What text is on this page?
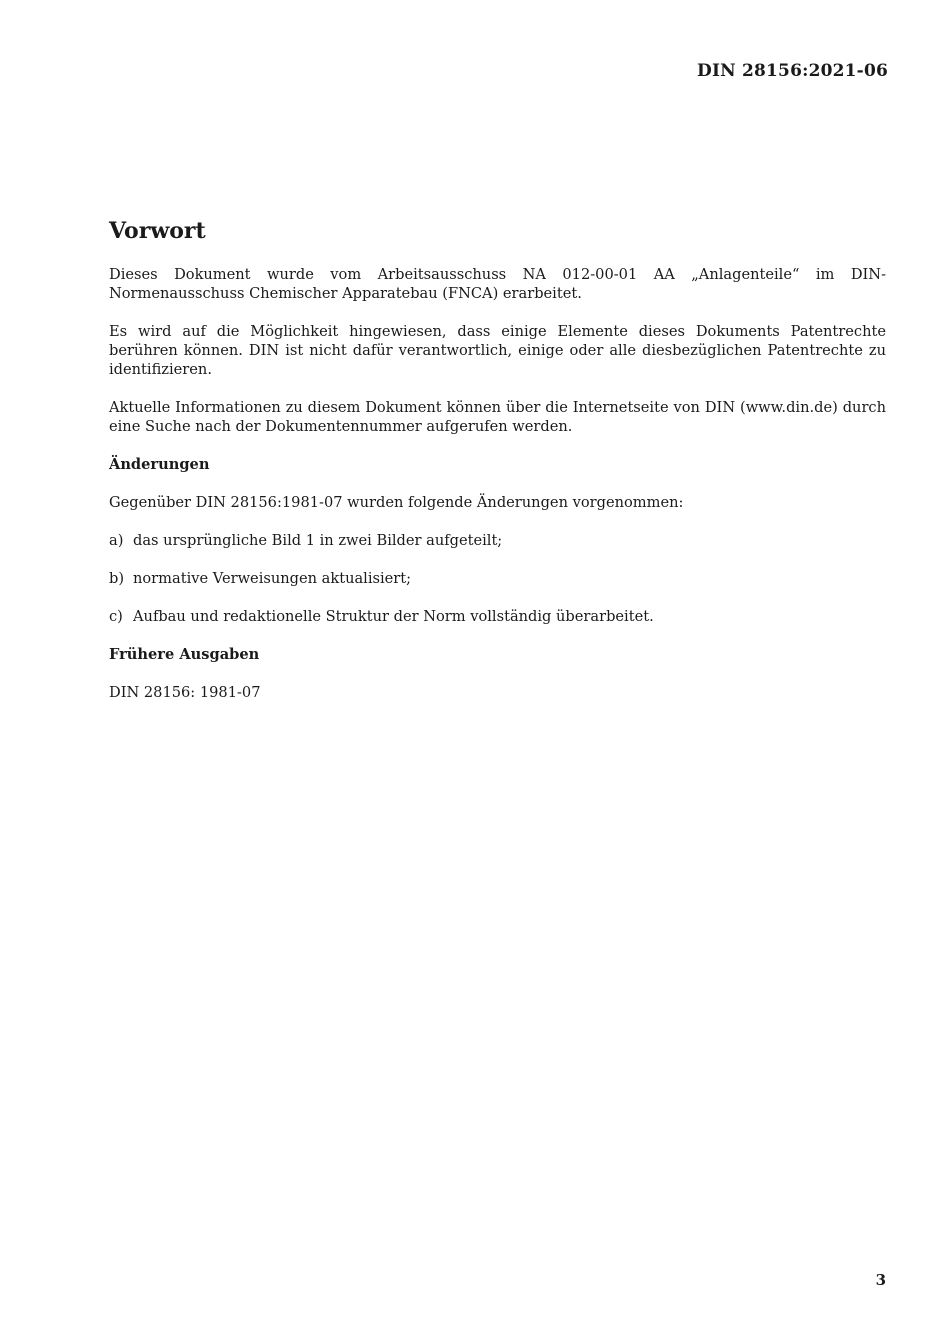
DIN 28156:2021-06
Vorwort

Dieses Dokument wurde vom Arbeitsausschuss NA 012-00-01 AA „Anlagenteile“ im DIN-Normenausschuss Chemischer Apparatebau (FNCA) erarbeitet.

Es wird auf die Möglichkeit hingewiesen, dass einige Elemente dieses Dokuments Patentrechte berühren können. DIN ist nicht dafür verantwortlich, einige oder alle diesbezüglichen Patentrechte zu identifizieren.

Aktuelle Informationen zu diesem Dokument können über die Internetseite von DIN (www.din.de) durch eine Suche nach der Dokumentennummer aufgerufen werden.

Änderungen

Gegenüber DIN 28156:1981-07 wurden folgende Änderungen vorgenommen:

a) das ursprüngliche Bild 1 in zwei Bilder aufgeteilt;
b) normative Verweisungen aktualisiert;
c) Aufbau und redaktionelle Struktur der Norm vollständig überarbeitet.
Frühere Ausgaben

DIN 28156: 1981-07

3
